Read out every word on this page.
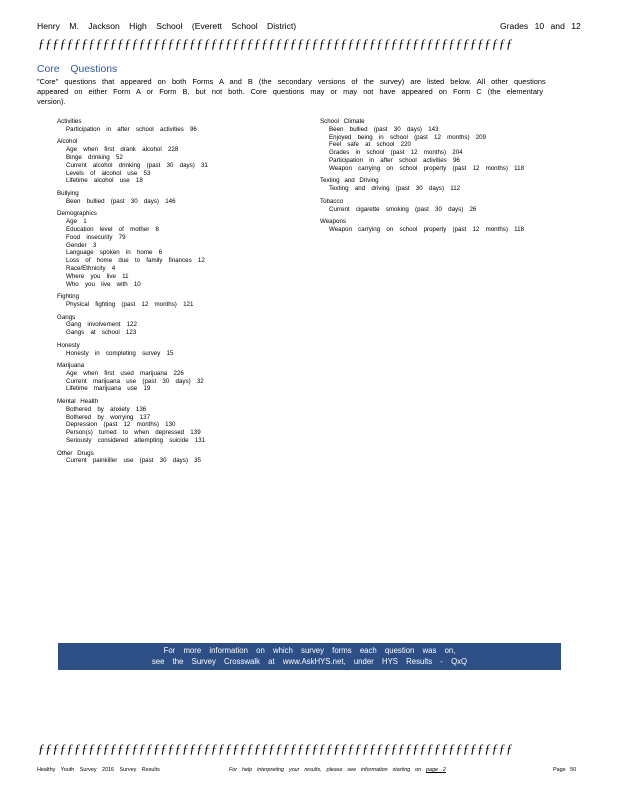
Henry M. Jackson High School (Everett School District)	Grades 10 and 12
ƒƒƒƒƒƒƒƒƒƒƒƒƒƒƒƒƒƒƒƒƒƒƒƒƒƒƒƒƒƒƒƒƒƒƒƒƒƒƒƒƒƒƒƒƒƒƒƒƒƒƒƒƒƒƒƒƒƒƒƒƒƒƒƒƒƒ
Core Questions
"Core" questions that appeared on both Forms A and B (the secondary versions of the survey) are listed below. All other questions appeared on either Form A or Form B, but not both. Core questions may or may not have appeared on Form C (the elementary version).
Activities
Participation in after school activities 96
Alcohol
Age when first drank alcohol 228
Binge drinking 52
Current alcohol drinking (past 30 days) 31
Levels of alcohol use 53
Lifetime alcohol use 18
Bullying
Been bullied (past 30 days) 146
Demographics
Age 1
Education level of mother 8
Food insecurity 79
Gender 3
Language spoken in home 6
Loss of home due to family finances 12
Race/Ethnicity 4
Where you live 11
Who you live with 10
Fighting
Physical fighting (past 12 months) 121
Gangs
Gang involvement 122
Gangs at school 123
Honesty
Honesty in completing survey 15
Marijuana
Age when first used marijuana 226
Current marijuana use (past 30 days) 32
Lifetime marijuana use 19
Mental Health
Bothered by anxiety 136
Bothered by worrying 137
Depression (past 12 months) 130
Person(s) turned to when depressed 139
Seriously considered attempting suicide 131
Other Drugs
Current painkiller use (past 30 days) 35
School Climate
Been bullied (past 30 days) 143
Enjoyed being in school (past 12 months) 209
Feel safe at school 220
Grades in school (past 12 months) 204
Participation in after school activities 96
Weapon carrying on school property (past 12 months) 118
Texting and Driving
Texting and driving (past 30 days) 112
Tobacco
Current cigarette smoking (past 30 days) 26
Weapons
Weapon carrying on school property (past 12 months) 118
For more information on which survey forms each question was on,
see the Survey Crosswalk at www.AskHYS.net, under HYS Results - QxQ
ƒƒƒƒƒƒƒƒƒƒƒƒƒƒƒƒƒƒƒƒƒƒƒƒƒƒƒƒƒƒƒƒƒƒƒƒƒƒƒƒƒƒƒƒƒƒƒƒƒƒƒƒƒƒƒƒƒƒƒƒƒƒƒƒƒƒ
Healthy Youth Survey 2016 Survey Results	For help interpreting your results, please see information starting on page 2	Page 50
